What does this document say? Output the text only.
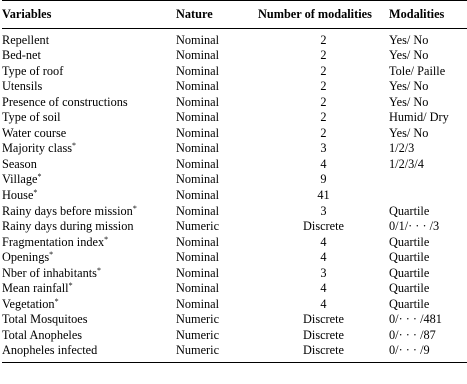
Variables	Nature	Number of modalities	Modalities
Repellent	Nominal	2	Yes/ No
Bed-net	Nominal	2	Yes/ No
Type of roof	Nominal	2	Tole/ Paille
Utensils	Nominal	2	Yes/ No
Presence of constructions	Nominal	2	Yes/ No
Type of soil	Nominal	2	Humid/ Dry
Water course	Nominal	2	Yes/ No
Majority class*	Nominal	3	1/2/3
Season	Nominal	4	1/2/3/4
Village*	Nominal	9	
House*	Nominal	41	
Rainy days before mission*	Nominal	3	Quartile
Rainy days during mission	Numeric	Discrete	0/1/· · · /3
Fragmentation index*	Nominal	4	Quartile
Openings*	Nominal	4	Quartile
Nber of inhabitants*	Nominal	3	Quartile
Mean rainfall*	Nominal	4	Quartile
Vegetation*	Nominal	4	Quartile
Total Mosquitoes	Numeric	Discrete	0/· · · /481
Total Anopheles	Numeric	Discrete	0/· · · /87
Anopheles infected	Numeric	Discrete	0/· · · /9
